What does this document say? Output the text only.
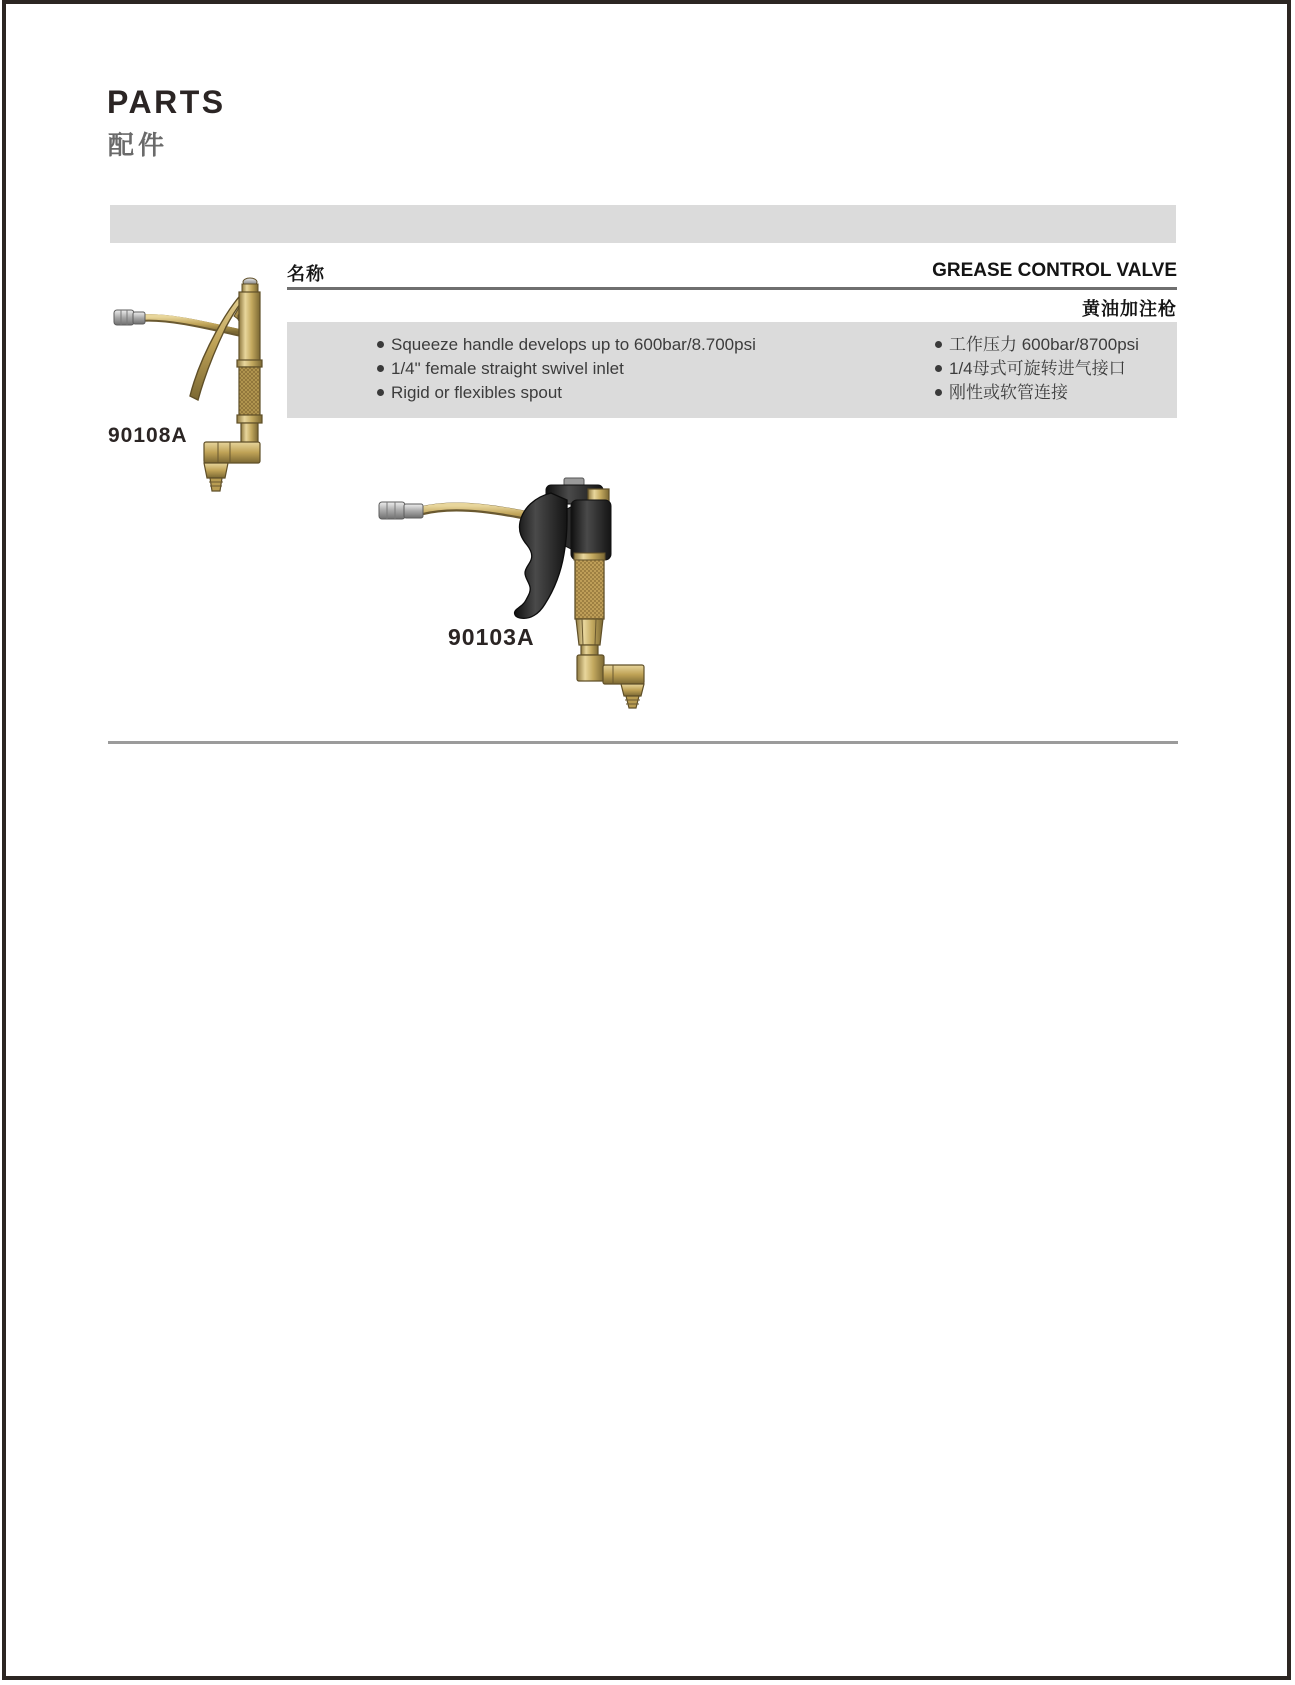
PARTS
配件
名称	GREASE CONTROL VALVE
黄油加注枪
Squeeze handle develops up to 600bar/8.700psi
1/4" female straight swivel inlet
Rigid or flexibles spout
工作压力 600bar/8700psi
1/4母式可旋转进气接口
刚性或软管连接
90108A
90103A
